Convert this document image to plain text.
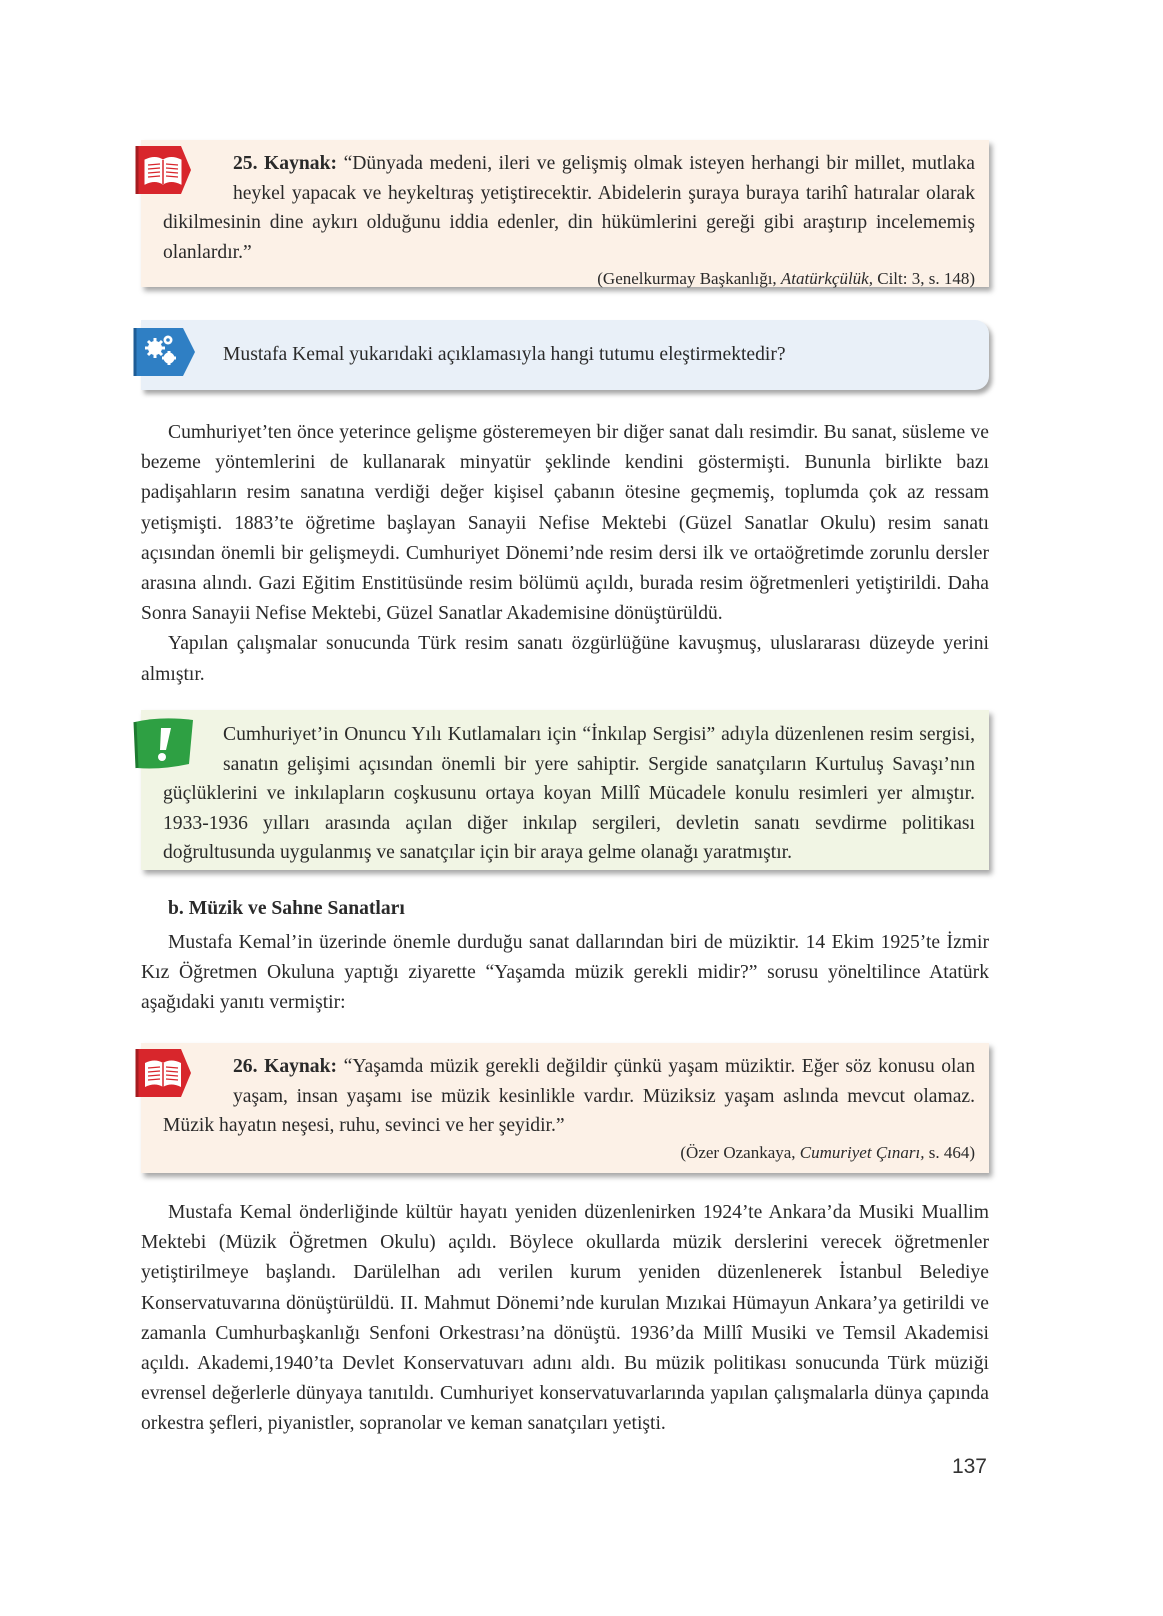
25. Kaynak: “Dünyada medeni, ileri ve gelişmiş olmak isteyen herhangi bir millet, mutlaka heykel yapacak ve heykeltıraş yetiştirecektir. Abidelerin şuraya buraya tarihî hatıralar olarak dikilmesinin dine aykırı olduğunu iddia edenler, din hükümlerini gereği gibi araştırıp incelememiş olanlardır.”

(Genelkurmay Başkanlığı, Atatürkçülük, Cilt: 3, s. 148)
Mustafa Kemal yukarıdaki açıklamasıyla hangi tutumu eleştirmektedir?

Cumhuriyet’ten önce yeterince gelişme gösteremeyen bir diğer sanat dalı resimdir. Bu sanat, süsleme ve bezeme yöntemlerini de kullanarak minyatür şeklinde kendini göstermişti. Bununla birlikte bazı padişahların resim sanatına verdiği değer kişisel çabanın ötesine geçmemiş, toplumda çok az ressam yetişmişti. 1883’te öğretime başlayan Sanayii Nefise Mektebi (Güzel Sanatlar Okulu) resim sanatı açısından önemli bir gelişmeydi. Cumhuriyet Dönemi’nde resim dersi ilk ve ortaöğretimde zorunlu dersler arasına alındı. Gazi Eğitim Enstitüsünde resim bölümü açıldı, burada resim öğretmenleri yetiştirildi. Daha Sonra Sanayii Nefise Mektebi, Güzel Sanatlar Akademisine dönüştürüldü.

Yapılan çalışmalar sonucunda Türk resim sanatı özgürlüğüne kavuşmuş, uluslararası düzeyde yerini almıştır.

Cumhuriyet’in Onuncu Yılı Kutlamaları için “İnkılap Sergisi” adıyla düzenlenen resim sergisi, sanatın gelişimi açısından önemli bir yere sahiptir. Sergide sanatçıların Kurtuluş Savaşı’nın güçlüklerini ve inkılapların coşkusunu ortaya koyan Millî Mücadele konulu resimleri yer almıştır. 1933-1936 yılları arasında açılan diğer inkılap sergileri, devletin sanatı sevdirme politikası doğrultusunda uygulanmış ve sanatçılar için bir araya gelme olanağı yaratmıştır.

b. Müzik ve Sahne Sanatları

Mustafa Kemal’in üzerinde önemle durduğu sanat dallarından biri de müziktir. 14 Ekim 1925’te İzmir Kız Öğretmen Okuluna yaptığı ziyarette “Yaşamda müzik gerekli midir?” sorusu yöneltilince Atatürk aşağıdaki yanıtı vermiştir:

26. Kaynak: “Yaşamda müzik gerekli değildir çünkü yaşam müziktir. Eğer söz konusu olan yaşam, insan yaşamı ise müzik kesinlikle vardır. Müziksiz yaşam aslında mevcut olamaz. Müzik hayatın neşesi, ruhu, sevinci ve her şeyidir.”

(Özer Ozankaya, Cumuriyet Çınarı, s. 464)

Mustafa Kemal önderliğinde kültür hayatı yeniden düzenlenirken 1924’te Ankara’da Musiki Muallim Mektebi (Müzik Öğretmen Okulu) açıldı. Böylece okullarda müzik derslerini verecek öğretmenler yetiştirilmeye başlandı. Darülelhan adı verilen kurum yeniden düzenlenerek İstanbul Belediye Konservatuvarına dönüştürüldü. II. Mahmut Dönemi’nde kurulan Mızıkai Hümayun Ankara’ya getirildi ve zamanla Cumhurbaşkanlığı Senfoni Orkestrası’na dönüştü. 1936’da Millî Musiki ve Temsil Akademisi açıldı. Akademi,1940’ta Devlet Konservatuvarı adını aldı. Bu müzik politikası sonucunda Türk müziği evrensel değerlerle dünyaya tanıtıldı. Cumhuriyet konservatuvarlarında yapılan çalışmalarla dünya çapında orkestra şefleri, piyanistler, sopranolar ve keman sanatçıları yetişti.

137
